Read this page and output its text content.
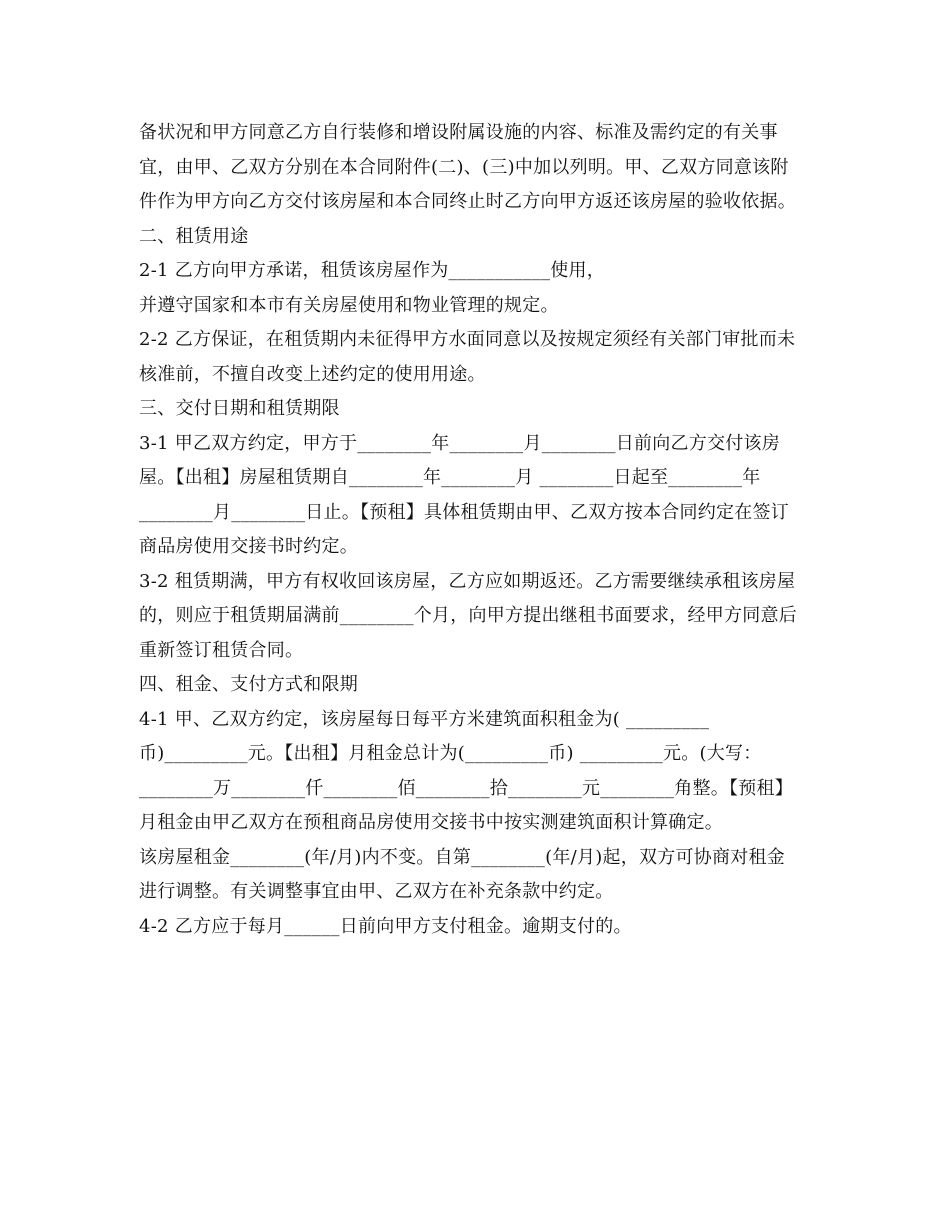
备状况和甲方同意乙方自行装修和增设附属设施的内容、标准及需约定的有关事

宜，由甲、乙双方分别在本合同附件(二)、(三)中加以列明。甲、乙双方同意该附

件作为甲方向乙方交付该房屋和本合同终止时乙方向甲方返还该房屋的验收依据。

二、租赁用途

2-1 乙方向甲方承诺，租赁该房屋作为___________使用，

并遵守国家和本市有关房屋使用和物业管理的规定。

2-2 乙方保证，在租赁期内未征得甲方水面同意以及按规定须经有关部门审批而未

核准前，不擅自改变上述约定的使用用途。

三、交付日期和租赁期限

3-1 甲乙双方约定，甲方于________年________月________日前向乙方交付该房

屋。【出租】房屋租赁期自________年________月 ________日起至________年

________月________日止。【预租】具体租赁期由甲、乙双方按本合同约定在签订

商品房使用交接书时约定。

3-2 租赁期满，甲方有权收回该房屋，乙方应如期返还。乙方需要继续承租该房屋

的，则应于租赁期届满前________个月，向甲方提出继租书面要求，经甲方同意后

重新签订租赁合同。

四、租金、支付方式和限期

4-1 甲、乙双方约定，该房屋每日每平方米建筑面积租金为( _________

币)_________元。【出租】月租金总计为(_________币) _________元。(大写：

________万________仟________佰________拾________元________角整。【预租】

月租金由甲乙双方在预租商品房使用交接书中按实测建筑面积计算确定。

该房屋租金________(年/月)内不变。自第________(年/月)起，双方可协商对租金

进行调整。有关调整事宜由甲、乙双方在补充条款中约定。

4-2 乙方应于每月______日前向甲方支付租金。逾期支付的。
